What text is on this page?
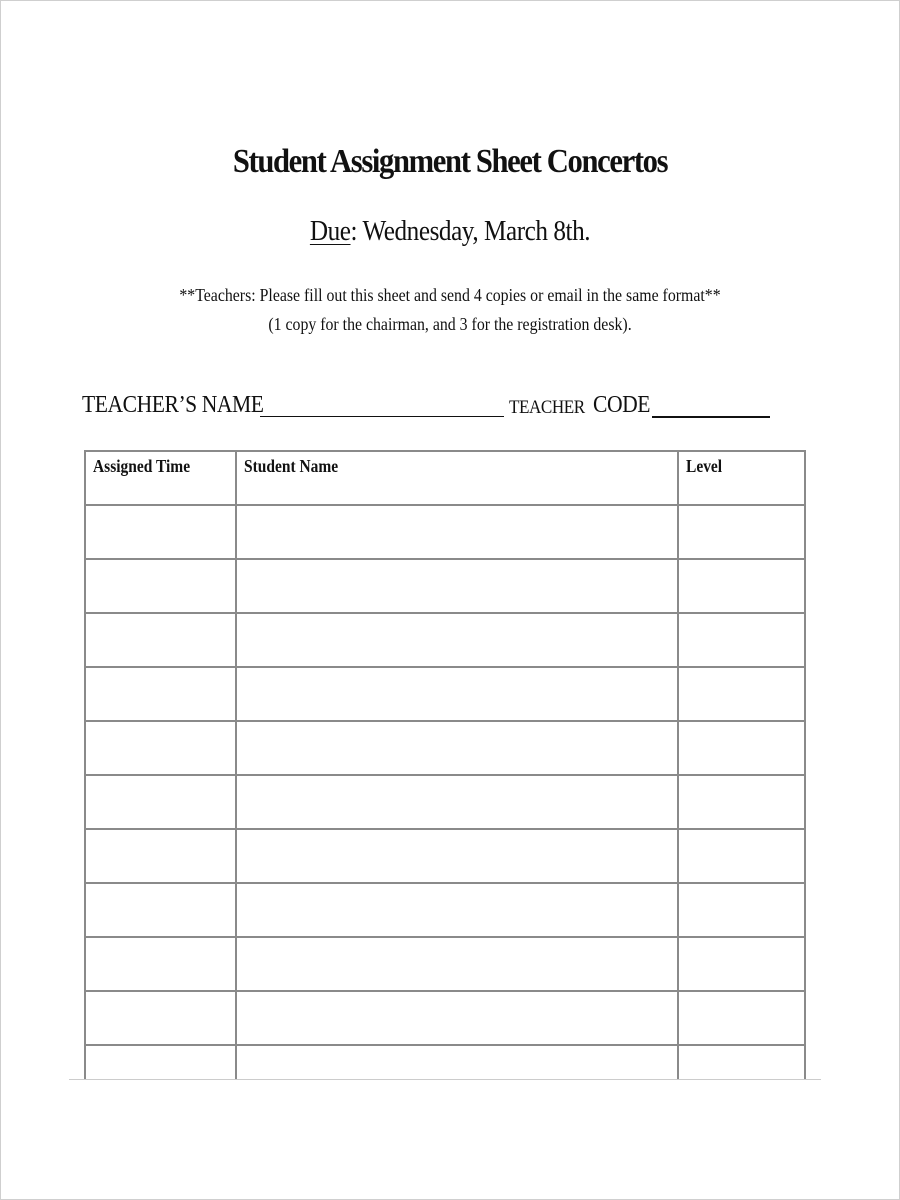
Student Assignment Sheet Concertos
Due: Wednesday, March 8th.
**Teachers: Please fill out this sheet and send 4 copies or email in the same format**
(1 copy for the chairman, and 3 for the registration desk).
TEACHER’S NAME	TEACHER CODE
Assigned Time	Student Name	Level
